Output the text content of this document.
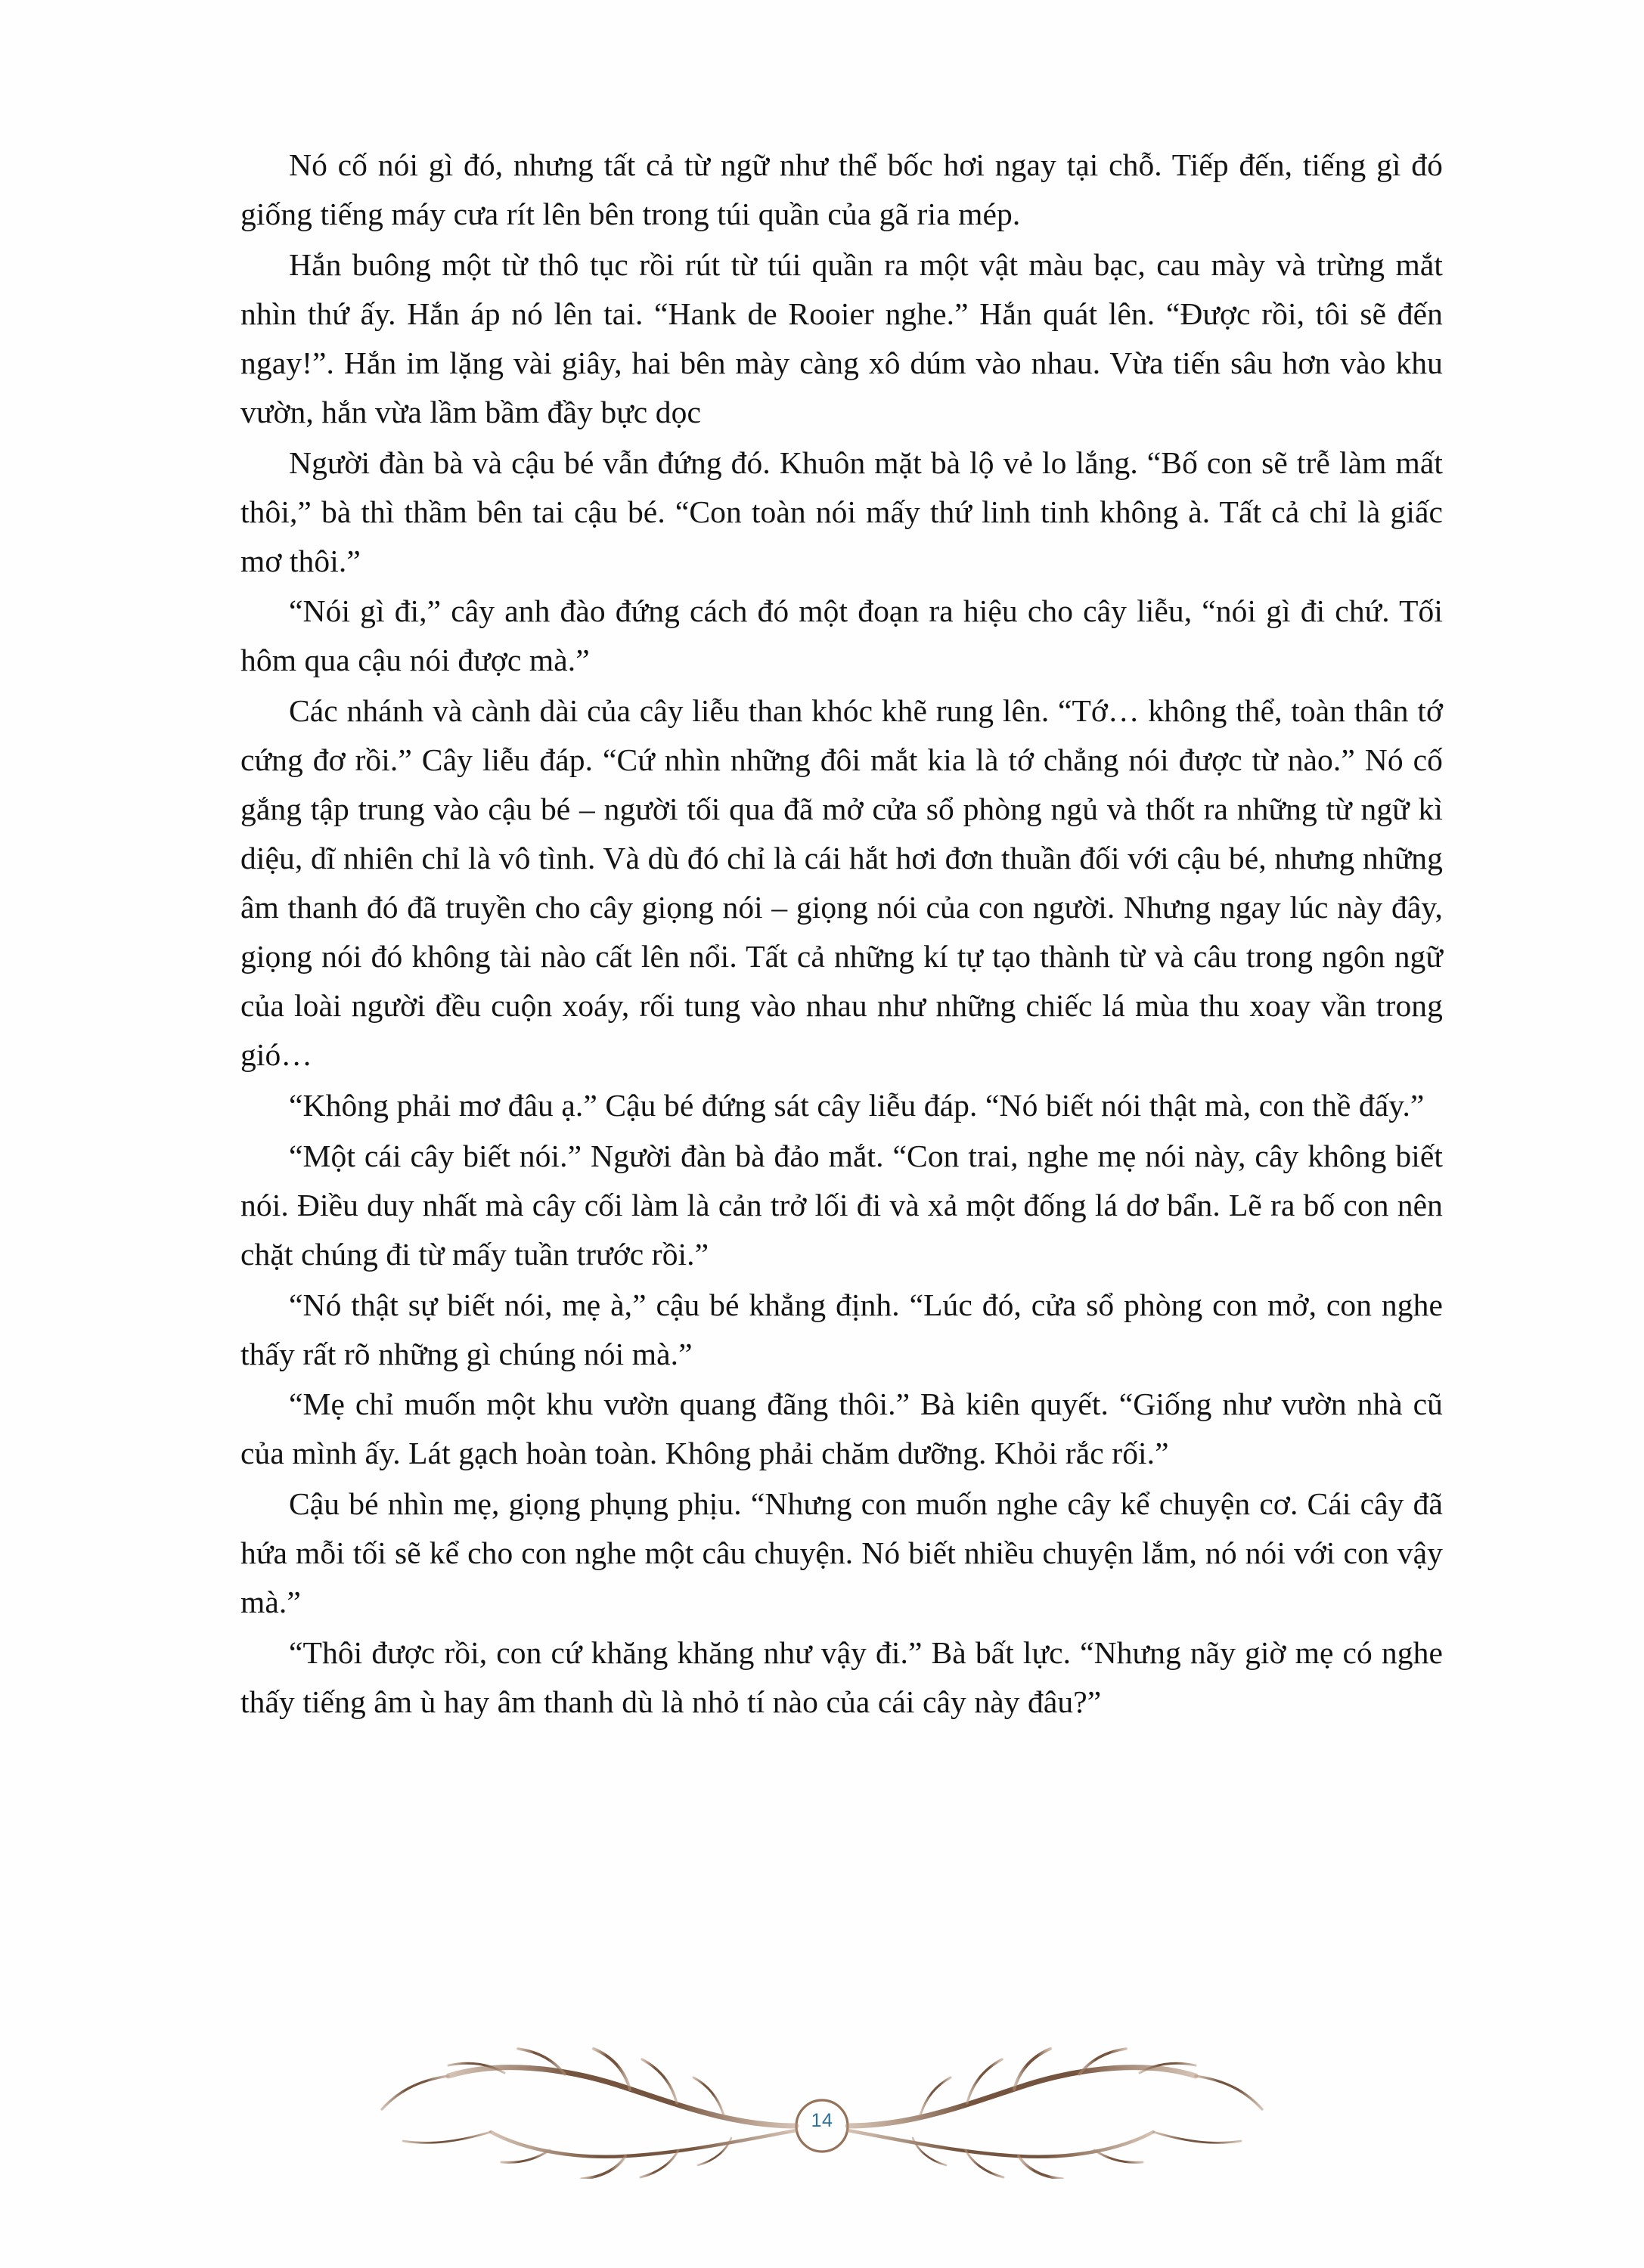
Nó cố nói gì đó, nhưng tất cả từ ngữ như thể bốc hơi ngay tại chỗ. Tiếp đến, tiếng gì đó giống tiếng máy cưa rít lên bên trong túi quần của gã ria mép.

Hắn buông một từ thô tục rồi rút từ túi quần ra một vật màu bạc, cau mày và trừng mắt nhìn thứ ấy. Hắn áp nó lên tai. “Hank de Rooier nghe.” Hắn quát lên. “Được rồi, tôi sẽ đến ngay!”. Hắn im lặng vài giây, hai bên mày càng xô dúm vào nhau. Vừa tiến sâu hơn vào khu vườn, hắn vừa lầm bầm đầy bực dọc

Người đàn bà và cậu bé vẫn đứng đó. Khuôn mặt bà lộ vẻ lo lắng. “Bố con sẽ trễ làm mất thôi,” bà thì thầm bên tai cậu bé. “Con toàn nói mấy thứ linh tinh không à. Tất cả chỉ là giấc mơ thôi.”

“Nói gì đi,” cây anh đào đứng cách đó một đoạn ra hiệu cho cây liễu, “nói gì đi chứ. Tối hôm qua cậu nói được mà.”

Các nhánh và cành dài của cây liễu than khóc khẽ rung lên. “Tớ… không thể, toàn thân tớ cứng đơ rồi.” Cây liễu đáp. “Cứ nhìn những đôi mắt kia là tớ chẳng nói được từ nào.” Nó cố gắng tập trung vào cậu bé – người tối qua đã mở cửa sổ phòng ngủ và thốt ra những từ ngữ kì diệu, dĩ nhiên chỉ là vô tình. Và dù đó chỉ là cái hắt hơi đơn thuần đối với cậu bé, nhưng những âm thanh đó đã truyền cho cây giọng nói – giọng nói của con người. Nhưng ngay lúc này đây, giọng nói đó không tài nào cất lên nổi. Tất cả những kí tự tạo thành từ và câu trong ngôn ngữ của loài người đều cuộn xoáy, rối tung vào nhau như những chiếc lá mùa thu xoay vần trong gió…

“Không phải mơ đâu ạ.” Cậu bé đứng sát cây liễu đáp. “Nó biết nói thật mà, con thề đấy.”

“Một cái cây biết nói.” Người đàn bà đảo mắt. “Con trai, nghe mẹ nói này, cây không biết nói. Điều duy nhất mà cây cối làm là cản trở lối đi và xả một đống lá dơ bẩn. Lẽ ra bố con nên chặt chúng đi từ mấy tuần trước rồi.”

“Nó thật sự biết nói, mẹ à,” cậu bé khẳng định. “Lúc đó, cửa sổ phòng con mở, con nghe thấy rất rõ những gì chúng nói mà.”

“Mẹ chỉ muốn một khu vườn quang đãng thôi.” Bà kiên quyết. “Giống như vườn nhà cũ của mình ấy. Lát gạch hoàn toàn. Không phải chăm dưỡng. Khỏi rắc rối.”

Cậu bé nhìn mẹ, giọng phụng phịu. “Nhưng con muốn nghe cây kể chuyện cơ. Cái cây đã hứa mỗi tối sẽ kể cho con nghe một câu chuyện. Nó biết nhiều chuyện lắm, nó nói với con vậy mà.”

“Thôi được rồi, con cứ khăng khăng như vậy đi.” Bà bất lực. “Nhưng nãy giờ mẹ có nghe thấy tiếng âm ù hay âm thanh dù là nhỏ tí nào của cái cây này đâu?”

14
